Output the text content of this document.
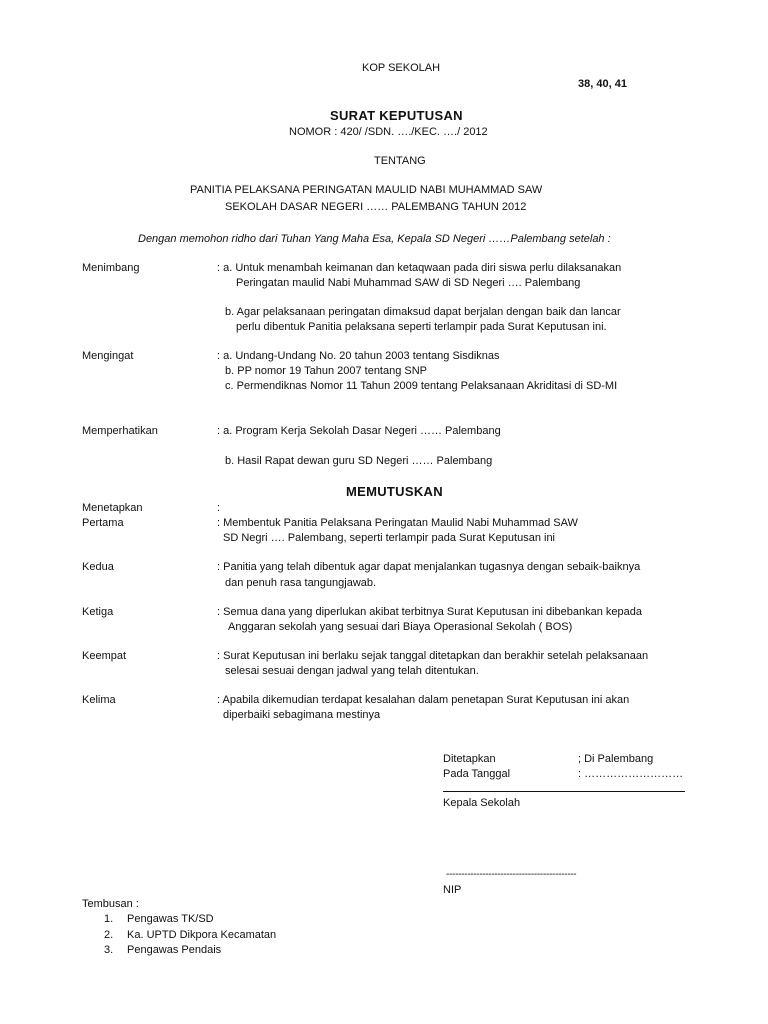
KOP SEKOLAH
38, 40, 41
SURAT KEPUTUSAN
NOMOR : 420/ /SDN. …./KEC. …./ 2012
TENTANG
PANITIA PELAKSANA PERINGATAN MAULID NABI MUHAMMAD SAW
SEKOLAH DASAR NEGERI …… PALEMBANG TAHUN 2012
Dengan memohon ridho dari Tuhan Yang Maha Esa, Kepala SD Negeri ……Palembang setelah :
Menimbang	: a. Untuk menambah keimanan dan ketaqwaan pada diri siswa perlu dilaksanakan
Peringatan maulid Nabi Muhammad SAW di SD Negeri …. Palembang
b. Agar pelaksanaan peringatan dimaksud dapat berjalan dengan baik dan lancar
perlu dibentuk Panitia pelaksana seperti terlampir pada Surat Keputusan ini.
Mengingat	: a. Undang-Undang No. 20 tahun 2003 tentang Sisdiknas
b. PP nomor 19 Tahun 2007 tentang SNP
c. Permendiknas Nomor 11 Tahun 2009 tentang Pelaksanaan Akriditasi di SD-MI
Memperhatikan	: a. Program Kerja Sekolah Dasar Negeri …… Palembang
b. Hasil Rapat dewan guru SD Negeri …… Palembang
MEMUTUSKAN
Menetapkan	:
Pertama	: Membentuk Panitia Pelaksana Peringatan Maulid Nabi Muhammad SAW
SD Negri …. Palembang, seperti terlampir pada Surat Keputusan ini
Kedua	: Panitia yang telah dibentuk agar dapat menjalankan tugasnya dengan sebaik-baiknya
dan penuh rasa tangungjawab.
Ketiga	: Semua dana yang diperlukan akibat terbitnya Surat Keputusan ini dibebankan kepada
Anggaran sekolah yang sesuai dari Biaya Operasional Sekolah ( BOS)
Keempat	: Surat Keputusan ini berlaku sejak tanggal ditetapkan dan berakhir setelah pelaksanaan
selesai sesuai dengan jadwal yang telah ditentukan.
Kelima	: Apabila dikemudian terdapat kesalahan dalam penetapan Surat Keputusan ini akan
diperbaiki sebagimana mestinya
Ditetapkan	; Di Palembang
Pada Tanggal	: ………………………
Kepala Sekolah
-------------------------------------------
NIP
Tembusan :
1. Pengawas TK/SD
2. Ka. UPTD Dikpora Kecamatan
3. Pengawas Pendais
